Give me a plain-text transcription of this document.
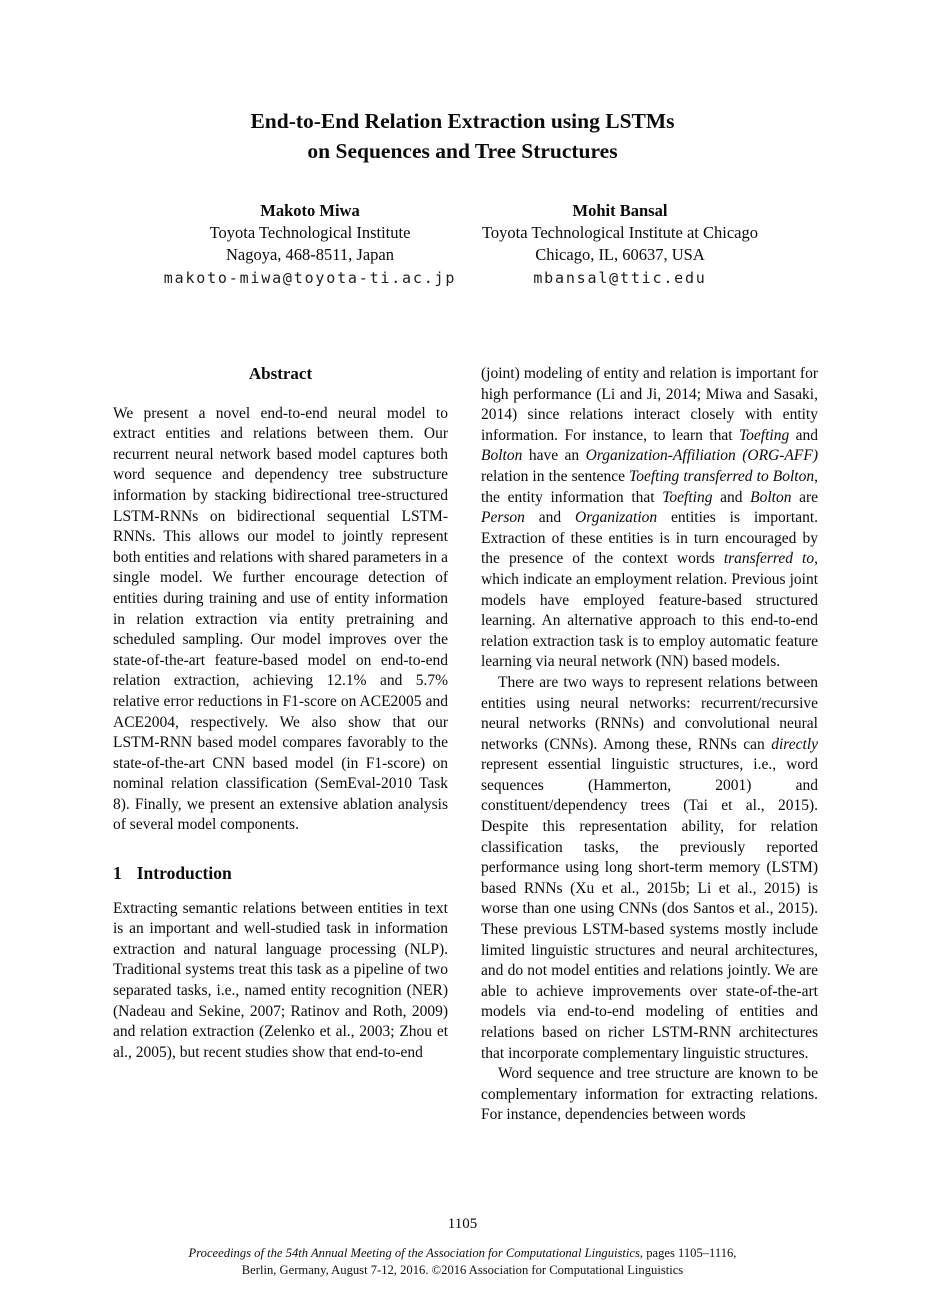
End-to-End Relation Extraction using LSTMs
on Sequences and Tree Structures
Makoto Miwa
Toyota Technological Institute
Nagoya, 468-8511, Japan
makoto-miwa@toyota-ti.ac.jp
Mohit Bansal
Toyota Technological Institute at Chicago
Chicago, IL, 60637, USA
mbansal@ttic.edu
Abstract

We present a novel end-to-end neural model to extract entities and relations between them. Our recurrent neural network based model captures both word sequence and dependency tree substructure information by stacking bidirectional tree-structured LSTM-RNNs on bidirectional sequential LSTM-RNNs. This allows our model to jointly represent both entities and relations with shared parameters in a single model. We further encourage detection of entities during training and use of entity information in relation extraction via entity pretraining and scheduled sampling. Our model improves over the state-of-the-art feature-based model on end-to-end relation extraction, achieving 12.1% and 5.7% relative error reductions in F1-score on ACE2005 and ACE2004, respectively. We also show that our LSTM-RNN based model compares favorably to the state-of-the-art CNN based model (in F1-score) on nominal relation classification (SemEval-2010 Task 8). Finally, we present an extensive ablation analysis of several model components.

1 Introduction

Extracting semantic relations between entities in text is an important and well-studied task in information extraction and natural language processing (NLP). Traditional systems treat this task as a pipeline of two separated tasks, i.e., named entity recognition (NER) (Nadeau and Sekine, 2007; Ratinov and Roth, 2009) and relation extraction (Zelenko et al., 2003; Zhou et al., 2005), but recent studies show that end-to-end

(joint) modeling of entity and relation is important for high performance (Li and Ji, 2014; Miwa and Sasaki, 2014) since relations interact closely with entity information. For instance, to learn that Toefting and Bolton have an Organization-Affiliation (ORG-AFF) relation in the sentence Toefting transferred to Bolton, the entity information that Toefting and Bolton are Person and Organization entities is important. Extraction of these entities is in turn encouraged by the presence of the context words transferred to, which indicate an employment relation. Previous joint models have employed feature-based structured learning. An alternative approach to this end-to-end relation extraction task is to employ automatic feature learning via neural network (NN) based models.

There are two ways to represent relations between entities using neural networks: recurrent/recursive neural networks (RNNs) and convolutional neural networks (CNNs). Among these, RNNs can directly represent essential linguistic structures, i.e., word sequences (Hammerton, 2001) and constituent/dependency trees (Tai et al., 2015). Despite this representation ability, for relation classification tasks, the previously reported performance using long short-term memory (LSTM) based RNNs (Xu et al., 2015b; Li et al., 2015) is worse than one using CNNs (dos Santos et al., 2015). These previous LSTM-based systems mostly include limited linguistic structures and neural architectures, and do not model entities and relations jointly. We are able to achieve improvements over state-of-the-art models via end-to-end modeling of entities and relations based on richer LSTM-RNN architectures that incorporate complementary linguistic structures.

Word sequence and tree structure are known to be complementary information for extracting relations. For instance, dependencies between words

1105
Proceedings of the 54th Annual Meeting of the Association for Computational Linguistics, pages 1105–1116,
Berlin, Germany, August 7-12, 2016. ©2016 Association for Computational Linguistics
